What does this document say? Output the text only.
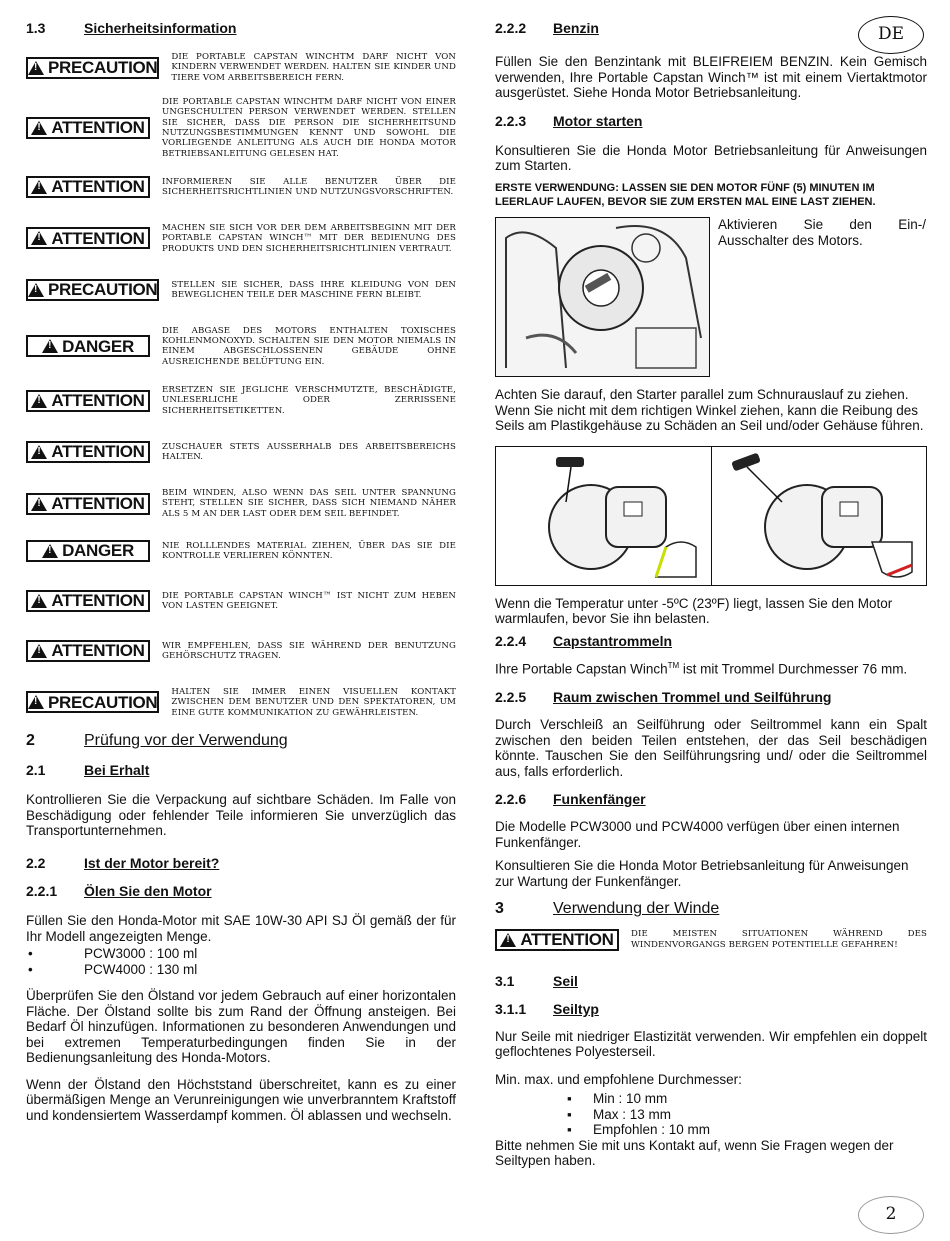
DE
1.3	Sicherheitsinformation
!
PRECAUTION
DIE PORTABLE CAPSTAN WINCHTM DARF NICHT VON KINDERN VERWENDET WERDEN. HALTEN SIE KINDER UND TIERE VOM ARBEITSBEREICH FERN.
!
ATTENTION
DIE PORTABLE CAPSTAN WINCHTM DARF NICHT VON EINER UNGESCHULTEN PERSON VERWENDET WERDEN. STELLEN SIE SICHER, DASS DIE PERSON DIE SICHERHEITSUND NUTZUNGSBESTIMMUNGEN KENNT UND SOWOHL DIE VORLIEGENDE ANLEITUNG ALS AUCH DIE HONDA MOTOR BETRIEBSANLEITUNG GELESEN HAT.
!
ATTENTION INFORMIEREN SIE ALLE BENUTZER ÜBER DIE SICHERHEITSRICHTLINIEN UND NUTZUNGSVORSCHRIFTEN.
!
ATTENTION
MACHEN SIE SICH VOR DER DEM ARBEITSBEGINN MIT DER PORTABLE CAPSTAN WINCH™ MIT DER BEDIENUNG DES PRODUKTS UND DEN SICHERHEITSRICHTLINIEN VERTRAUT.
!
PRECAUTION STELLEN SIE SICHER, DASS IHRE KLEIDUNG VON DEN BEWEGLICHEN TEILE DER MASCHINE FERN BLEIBT.
!
DANGER
DIE ABGASE DES MOTORS ENTHALTEN TOXISCHES KOHLENMONOXYD. SCHALTEN SIE DEN MOTOR NIEMALS IN EINEM ABGESCHLOSSENEN GEBÄUDE OHNE AUSREICHENDE BELÜFTUNG EIN.
!
ATTENTION
ERSETZEN SIE JEGLICHE VERSCHMUTZTE, BESCHÄDIGTE, UNLESERLICHE ODER ZERRISSENE SICHERHEITSETIKETTEN.
!
ATTENTION ZUSCHAUER STETS AUSSERHALB DES ARBEITSBEREICHS HALTEN.
!
ATTENTION
BEIM WINDEN, ALSO WENN DAS SEIL UNTER SPANNUNG STEHT, STELLEN SIE SICHER, DASS SICH NIEMAND NÄHER ALS 5 M AN DER LAST ODER DEM SEIL BEFINDET.
!
DANGER	NIE ROLLLENDES MATERIAL ZIEHEN, ÜBER DAS SIE DIE KONTROLLE VERLIEREN KÖNNTEN.
!
ATTENTION DIE PORTABLE CAPSTAN WINCH™ IST NICHT ZUM HEBEN VON LASTEN GEEIGNET.
!
ATTENTION WIR EMPFEHLEN, DASS SIE WÄHREND DER BENUTZUNG GEHÖRSCHUTZ TRAGEN.
!
PRECAUTION
HALTEN SIE IMMER EINEN VISUELLEN KONTAKT ZWISCHEN DEM BENUTZER UND DEN SPEKTATOREN, UM EINE GUTE KOMMUNIKATION ZU GEWÄHRLEISTEN.
2	Prüfung vor der Verwendung
2.1	Bei Erhalt

Kontrollieren Sie die Verpackung auf sichtbare Schäden. Im Falle von Beschädigung oder fehlender Teile informieren Sie unverzüglich das Transportunternehmen.

2.2	Ist der Motor bereit?
2.2.1	Ölen Sie den Motor

Füllen Sie den Honda-Motor mit SAE 10W-30 API SJ Öl gemäß der für Ihr Modell angezeigten Menge.

•	PCW3000 : 100 ml
•	PCW4000 : 130 ml

Überprüfen Sie den Ölstand vor jedem Gebrauch auf einer horizontalen Fläche. Der Ölstand sollte bis zum Rand der Öffnung ansteigen. Bei Bedarf Öl hinzufügen. Informationen zu besonderen Anwendungen und bei extremen Temperaturbedingungen finden Sie in der Bedienungsanleitung des Honda-Motors.

Wenn der Ölstand den Höchststand überschreitet, kann es zu einer übermäßigen Menge an Verunreinigungen wie unverbranntem Kraftstoff und kondensiertem Wasserdampf kommen. Öl ablassen und wechseln.

2.2.2	Benzin

Füllen Sie den Benzintank mit BLEIFREIEM BENZIN. Kein Gemisch verwenden, Ihre Portable Capstan Winch™ ist mit einem Viertaktmotor ausgerüstet. Siehe Honda Motor Betriebsanleitung.

2.2.3	Motor starten

Konsultieren Sie die Honda Motor Betriebsanleitung für Anweisungen zum Starten.

ERSTE VERWENDUNG: LASSEN SIE DEN MOTOR FÜNF (5) MINUTEN IM LEERLAUF LAUFEN, BEVOR SIE ZUM ERSTEN MAL EINE LAST ZIEHEN.

Aktivieren Sie den Ein-/ Ausschalter des Motors.

Achten Sie darauf, den Starter parallel zum Schnurauslauf zu ziehen. Wenn Sie nicht mit dem richtigen Winkel ziehen, kann die Reibung des Seils am Plastikgehäuse zu Schäden an Seil und/oder Gehäuse führen.

Wenn die Temperatur unter -5ºC (23ºF) liegt, lassen Sie den Motor warmlaufen, bevor Sie ihn belasten.

2.2.4	Capstantrommeln

Ihre Portable Capstan Winch™ ist mit Trommel Durchmesser 76 mm.

2.2.5	Raum zwischen Trommel und Seilführung

Durch Verschleiß an Seilführung oder Seiltrommel kann ein Spalt zwischen den beiden Teilen entstehen, der das Seil beschädigen könnte. Tauschen Sie den Seilführungsring und/ oder die Seiltrommel aus, falls erforderlich.

2.2.6	Funkenfänger

Die Modelle PCW3000 und PCW4000 verfügen über einen internen Funkenfänger.

Konsultieren Sie die Honda Motor Betriebsanleitung für Anweisungen zur Wartung der Funkenfänger.

3	Verwendung der Winde
!
ATTENTION DIE MEISTEN SITUATIONEN WÄHREND DES WINDENVORGANGS BERGEN POTENTIELLE GEFAHREN!
3.1	Seil
3.1.1	Seiltyp

Nur Seile mit niedriger Elastizität verwenden. Wir empfehlen ein doppelt geflochtenes Polyesterseil.

Min. max. und empfohlene Durchmesser:

▪	Min : 10 mm
▪	Max : 13 mm
▪	Empfohlen : 10 mm

Bitte nehmen Sie mit uns Kontakt auf, wenn Sie Fragen wegen der Seiltypen haben.

2
